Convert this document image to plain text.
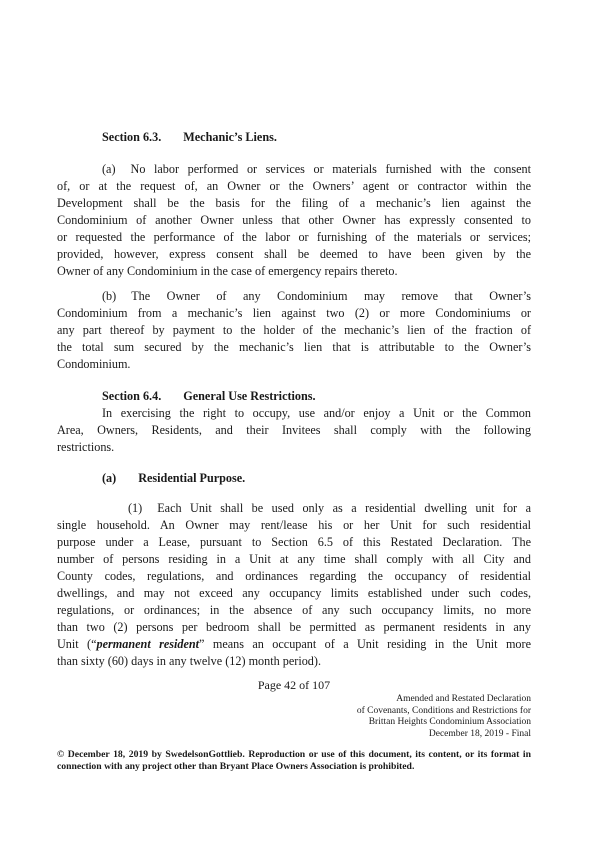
Section 6.3. Mechanic’s Liens.
(a) No labor performed or services or materials furnished with the consent
of, or at the request of, an Owner or the Owners’ agent or contractor within the
Development shall be the basis for the filing of a mechanic’s lien against the
Condominium of another Owner unless that other Owner has expressly consented to
or requested the performance of the labor or furnishing of the materials or services;
provided, however, express consent shall be deemed to have been given by the
Owner of any Condominium in the case of emergency repairs thereto.
(b) The Owner of any Condominium may remove that Owner’s
Condominium from a mechanic’s lien against two (2) or more Condominiums or
any part thereof by payment to the holder of the mechanic’s lien of the fraction of
the total sum secured by the mechanic’s lien that is attributable to the Owner’s
Condominium.
Section 6.4. General Use Restrictions.
In exercising the right to occupy, use and/or enjoy a Unit or the Common
Area, Owners, Residents, and their Invitees shall comply with the following
restrictions.
(a) Residential Purpose.
(1) Each Unit shall be used only as a residential dwelling unit for a
single household. An Owner may rent/lease his or her Unit for such residential
purpose under a Lease, pursuant to Section 6.5 of this Restated Declaration. The
number of persons residing in a Unit at any time shall comply with all City and
County codes, regulations, and ordinances regarding the occupancy of residential
dwellings, and may not exceed any occupancy limits established under such codes,
regulations, or ordinances; in the absence of any such occupancy limits, no more
than two (2) persons per bedroom shall be permitted as permanent residents in any
Unit (“permanent resident” means an occupant of a Unit residing in the Unit more
than sixty (60) days in any twelve (12) month period).
Page 42 of 107
Amended and Restated Declaration
of Covenants, Conditions and Restrictions for
Brittan Heights Condominium Association
December 18, 2019 - Final
© December 18, 2019 by SwedelsonGottlieb. Reproduction or use of this document, its content, or its format in
connection with any project other than Bryant Place Owners Association is prohibited.
